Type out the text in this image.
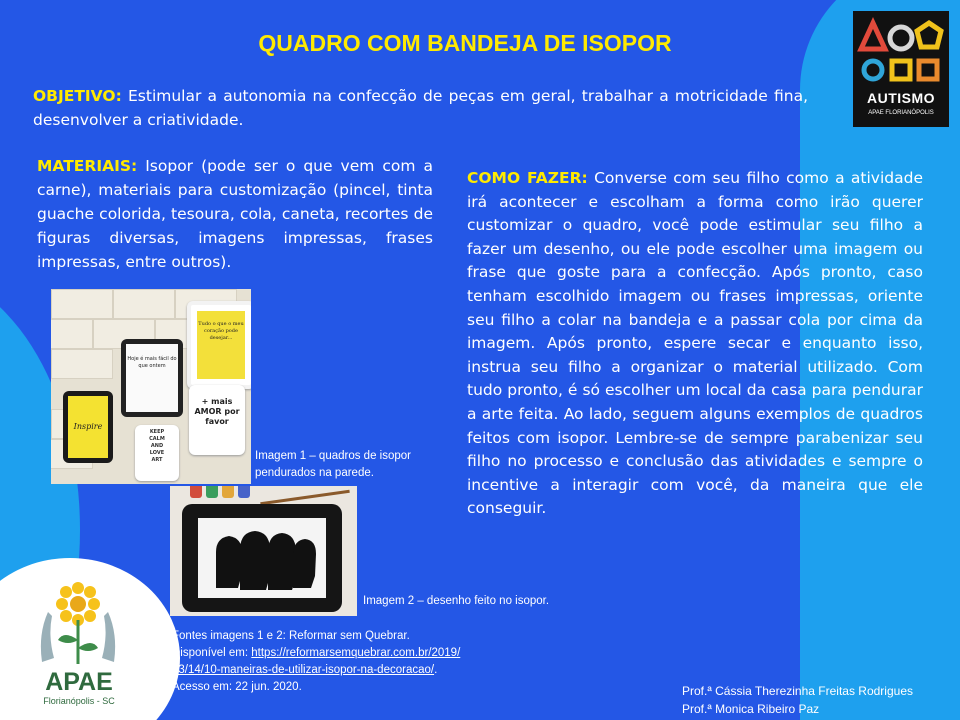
QUADRO COM BANDEJA DE ISOPOR
OBJETIVO: Estimular a autonomia na confecção de peças em geral, trabalhar a motricidade fina, desenvolver a criatividade.
MATERIAIS: Isopor (pode ser o que vem com a carne), materiais para customização (pincel, tinta guache colorida, tesoura, cola, caneta, recortes de figuras diversas, imagens impressas, frases impressas, entre outros).
COMO FAZER: Converse com seu filho como a atividade irá acontecer e escolham a forma como irão querer customizar o quadro, você pode estimular seu filho a fazer um desenho, ou ele pode escolher uma imagem ou frase que goste para a confecção. Após pronto, caso tenham escolhido imagem ou frases impressas, oriente seu filho a colar na bandeja e a passar cola por cima da imagem. Após pronto, espere secar e enquanto isso, instrua seu filho a organizar o material utilizado. Com tudo pronto, é só escolher um local da casa para pendurar a arte feita. Ao lado, seguem alguns exemplos de quadros feitos com isopor. Lembre-se de sempre parabenizar seu filho no processo e conclusão das atividades e sempre o incentive a interagir com você, da maneira que ele conseguir.
Tudo o que o meu coração pode desejar...
Hoje é mais fácil do que ontem
Inspire
+ mais AMOR por favor
KEEP
CALM
AND
LOVE
ART	Imagem 1 – quadros de isopor pendurados na parede.
Imagem 2 – desenho feito no isopor.
Fontes imagens 1 e 2: Reformar sem Quebrar. Disponível em: https://reformarsemquebrar.com.br/2019/03/14/10-maneiras-de-utilizar-isopor-na-decoracao/. Acesso em: 22 jun. 2020.	Prof.ª Cássia Therezinha Freitas Rodrigues
Prof.ª Monica Ribeiro Paz
AUTISMO
APAE FLORIANÓPOLIS
APAE
Florianópolis - SC
